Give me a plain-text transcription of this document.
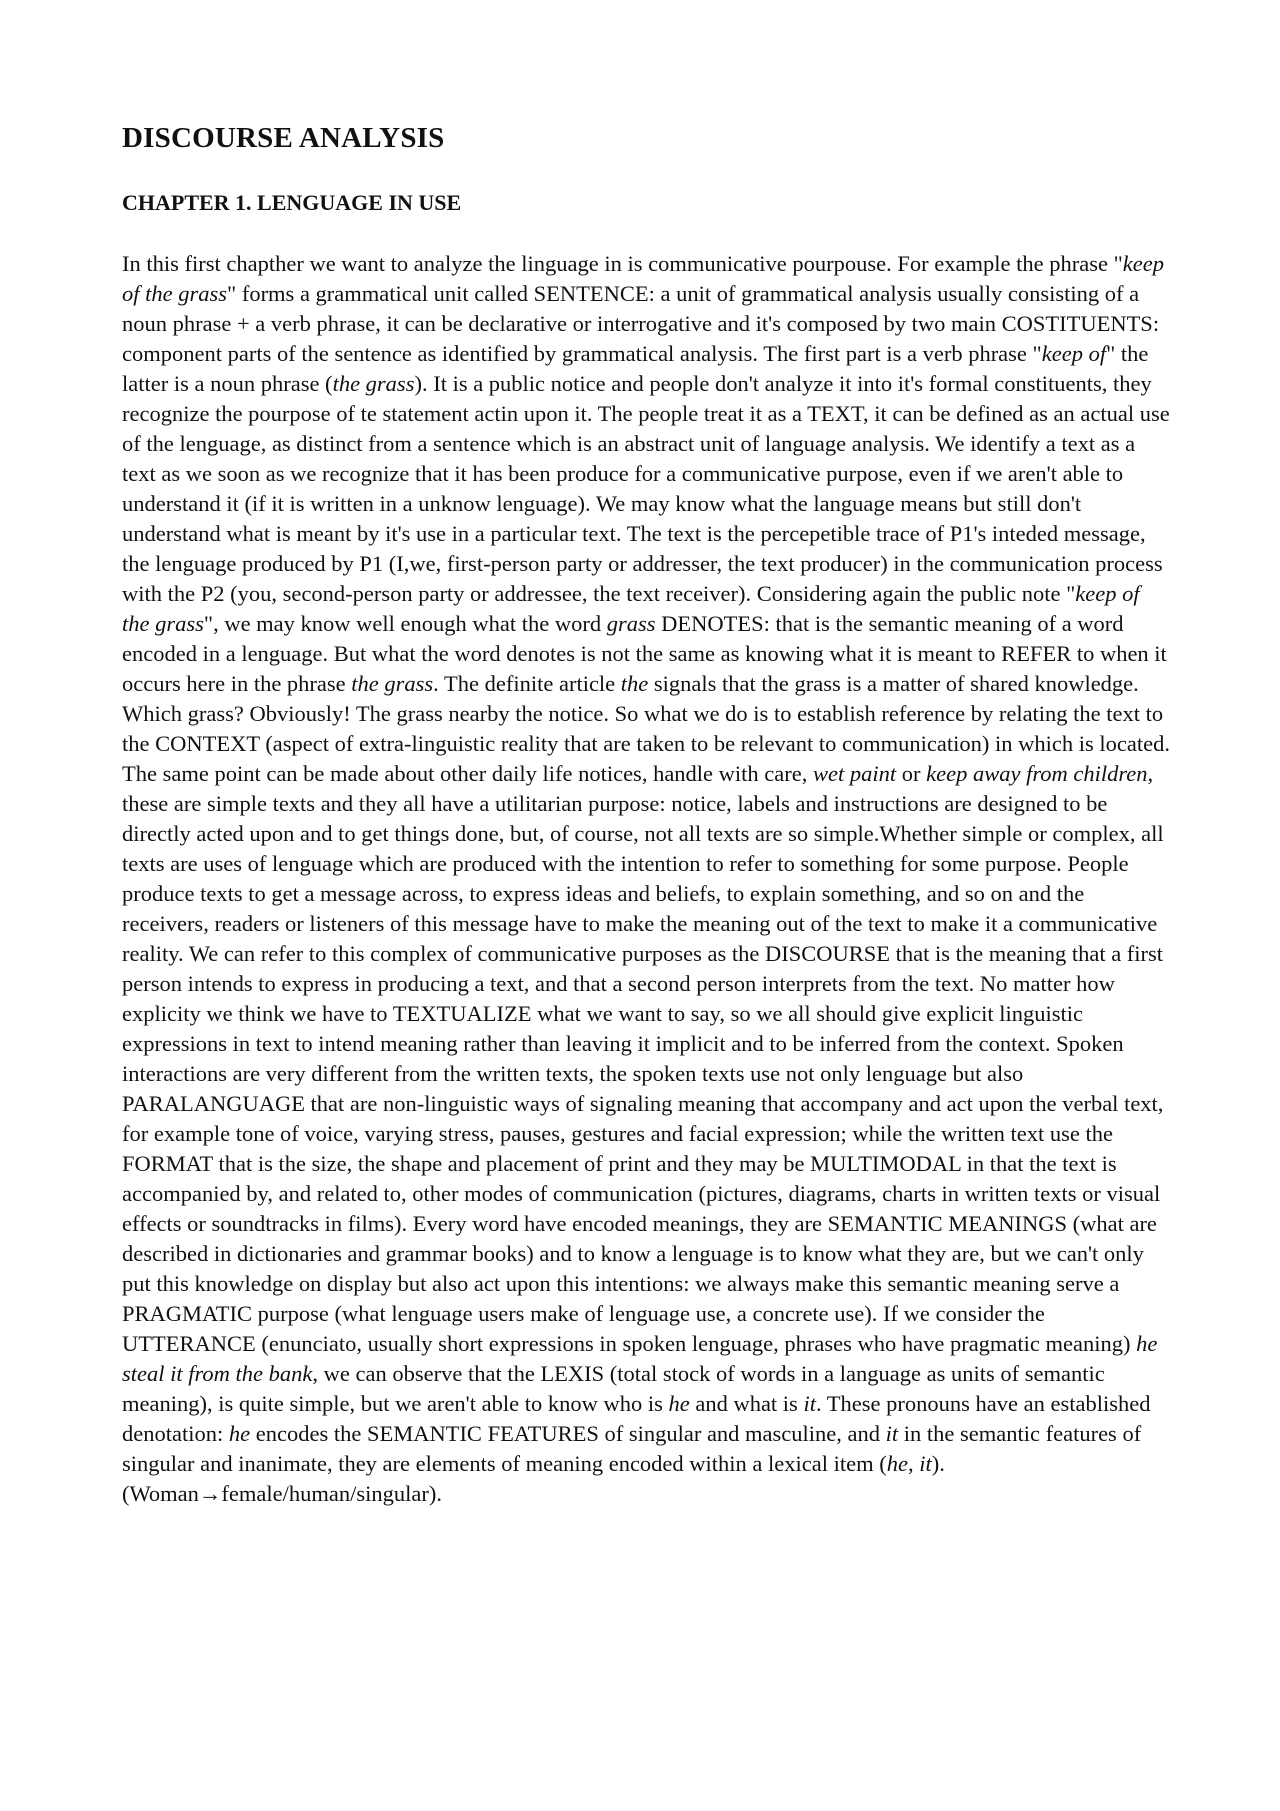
DISCOURSE ANALYSIS
CHAPTER 1. LENGUAGE IN USE

In this first chapther we want to analyze the linguage in is communicative pourpouse. For example the phrase "keep of the grass" forms a grammatical unit called SENTENCE: a unit of grammatical analysis usually consisting of a noun phrase + a verb phrase, it can be declarative or interrogative and it's composed by two main COSTITUENTS: component parts of the sentence as identified by grammatical analysis. The first part is a verb phrase "keep of" the latter is a noun phrase (the grass). It is a public notice and people don't analyze it into it's formal constituents, they recognize the pourpose of te statement actin upon it. The people treat it as a TEXT, it can be defined as an actual use of the lenguage, as distinct from a sentence which is an abstract unit of language analysis. We identify a text as a text as we soon as we recognize that it has been produce for a communicative purpose, even if we aren't able to understand it (if it is written in a unknow lenguage). We may know what the language means but still don't understand what is meant by it's use in a particular text. The text is the percepetible trace of P1's inteded message, the lenguage produced by P1 (I,we, first-person party or addresser, the text producer) in the communication process with the P2 (you, second-person party or addressee, the text receiver). Considering again the public note "keep of the grass", we may know well enough what the word grass DENOTES: that is the semantic meaning of a word encoded in a lenguage. But what the word denotes is not the same as knowing what it is meant to REFER to when it occurs here in the phrase the grass. The definite article the signals that the grass is a matter of shared knowledge. Which grass? Obviously! The grass nearby the notice. So what we do is to establish reference by relating the text to the CONTEXT (aspect of extra-linguistic reality that are taken to be relevant to communication) in which is located. The same point can be made about other daily life notices, handle with care, wet paint or keep away from children, these are simple texts and they all have a utilitarian purpose: notice, labels and instructions are designed to be directly acted upon and to get things done, but, of course, not all texts are so simple.Whether simple or complex, all texts are uses of lenguage which are produced with the intention to refer to something for some purpose. People produce texts to get a message across, to express ideas and beliefs, to explain something, and so on and the receivers, readers or listeners of this message have to make the meaning out of the text to make it a communicative reality. We can refer to this complex of communicative purposes as the DISCOURSE that is the meaning that a first person intends to express in producing a text, and that a second person interprets from the text. No matter how explicity we think we have to TEXTUALIZE what we want to say, so we all should give explicit linguistic expressions in text to intend meaning rather than leaving it implicit and to be inferred from the context. Spoken interactions are very different from the written texts, the spoken texts use not only lenguage but also PARALANGUAGE that are non-linguistic ways of signaling meaning that accompany and act upon the verbal text, for example tone of voice, varying stress, pauses, gestures and facial expression; while the written text use the FORMAT that is the size, the shape and placement of print and they may be MULTIMODAL in that the text is accompanied by, and related to, other modes of communication (pictures, diagrams, charts in written texts or visual effects or soundtracks in films). Every word have encoded meanings, they are SEMANTIC MEANINGS (what are described in dictionaries and grammar books) and to know a lenguage is to know what they are, but we can't only put this knowledge on display but also act upon this intentions: we always make this semantic meaning serve a PRAGMATIC purpose (what lenguage users make of lenguage use, a concrete use). If we consider the UTTERANCE (enunciato, usually short expressions in spoken lenguage, phrases who have pragmatic meaning) he steal it from the bank, we can observe that the LEXIS (total stock of words in a language as units of semantic meaning), is quite simple, but we aren't able to know who is he and what is it. These pronouns have an established denotation: he encodes the SEMANTIC FEATURES of singular and masculine, and it in the semantic features of singular and inanimate, they are elements of meaning encoded within a lexical item (he, it). (Woman→female/human/singular).
